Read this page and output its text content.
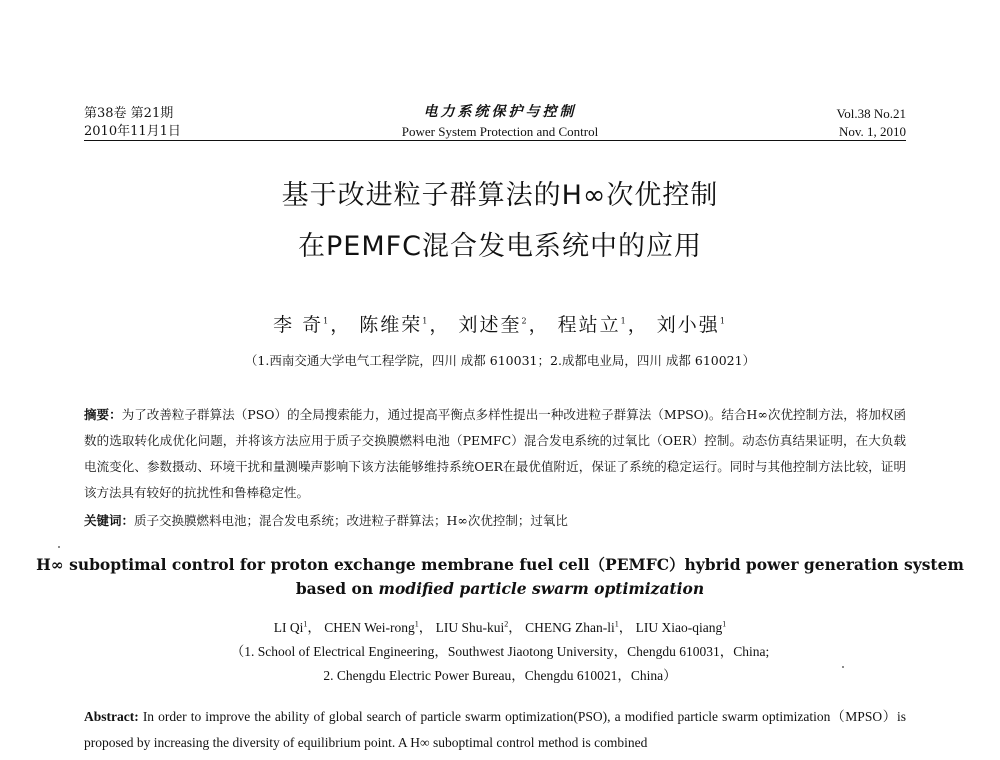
第38卷 第21期
2010年11月1日
电力系统保护与控制
Power System Protection and Control
Vol.38 No.21
Nov. 1, 2010
基于改进粒子群算法的H∞次优控制
在PEMFC混合发电系统中的应用
李 奇$^1$， 陈维荣$^1$， 刘述奎$^2$， 程站立$^1$， 刘小强$^1$
（1.西南交通大学电气工程学院，四川 成都 610031；2.成都电业局，四川 成都 610021）

摘要：为了改善粒子群算法（PSO）的全局搜索能力，通过提高平衡点多样性提出一种改进粒子群算法（MPSO)。结合H∞次优控制方法，将加权函数的选取转化成优化问题，并将该方法应用于质子交换膜燃料电池（PEMFC）混合发电系统的过氧比（OER）控制。动态仿真结果证明，在大负载电流变化、参数摄动、环境干扰和量测噪声影响下该方法能够维持系统OER在最优值附近，保证了系统的稳定运行。同时与其他控制方法比较，证明该方法具有较好的抗扰性和鲁棒稳定性。

关键词：质子交换膜燃料电池；混合发电系统；改进粒子群算法；H∞次优控制；过氧比

H∞ suboptimal control for proton exchange membrane fuel cell（PEMFC）hybrid power generation system
based on modified particle swarm optimization
LI Qi$^1$， CHEN Wei-rong$^1$， LIU Shu-kui$^2$， CHENG Zhan-$li^1$， LIU Xiao-qiang$^1$
（1. School of Electrical Engineering，Southwest Jiaotong University，Chengdu 610031，China;
2. Chengdu Electric Power Bureau，Chengdu 610021，China）

Abstract: In order to improve the ability of global search of particle swarm optimization(PSO), a modified particle swarm optimization（MPSO）is proposed by increasing the diversity of equilibrium point. A H∞ suboptimal control method is combined
